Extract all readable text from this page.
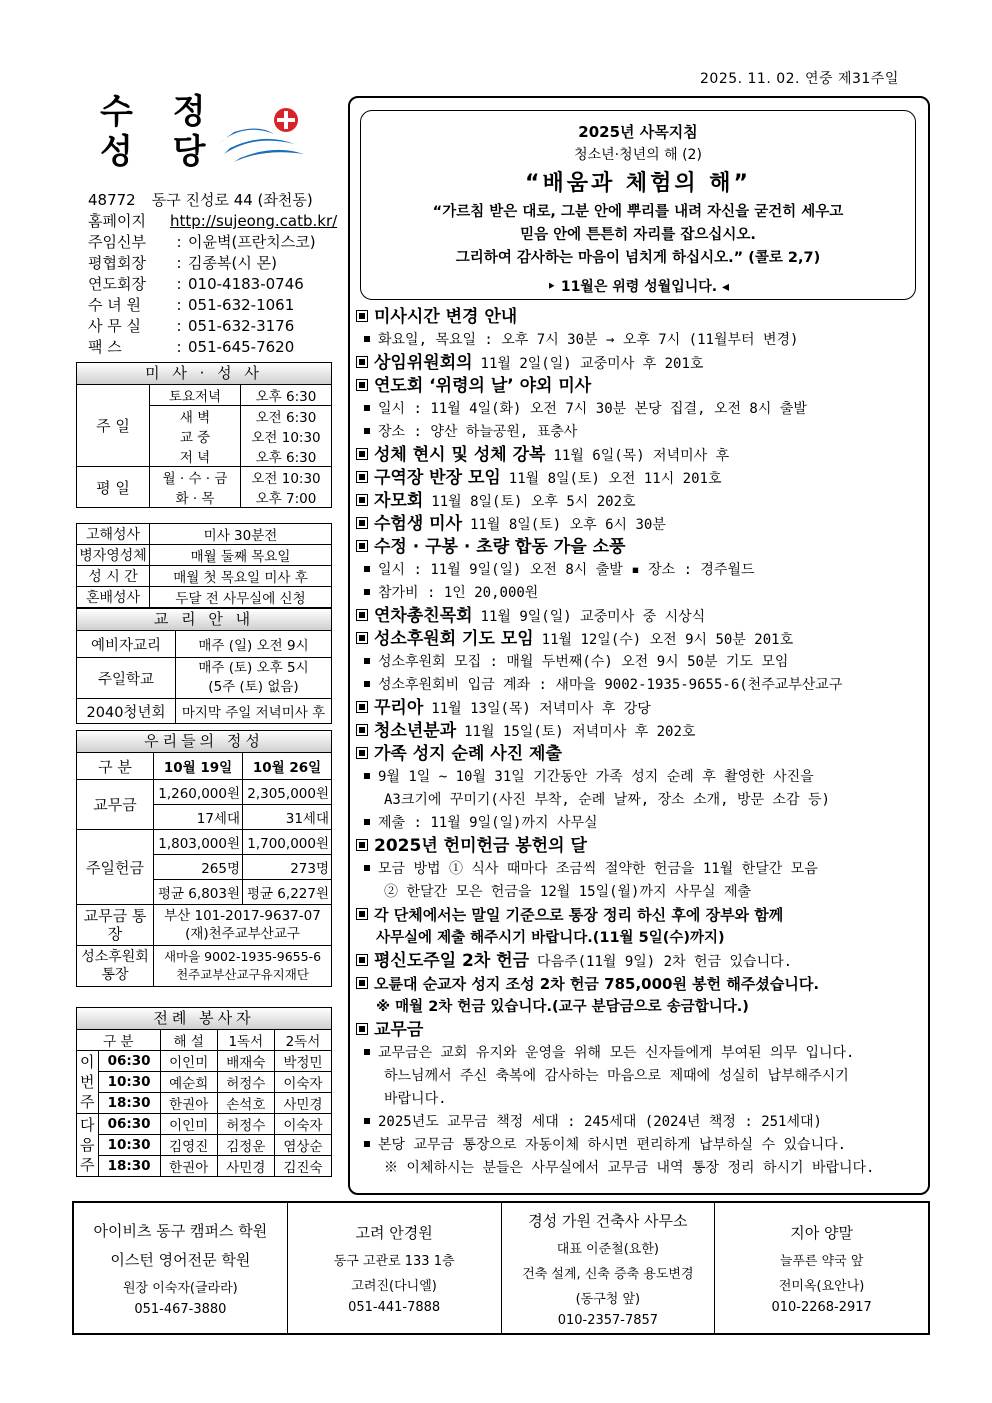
2025. 11. 02. 연중 제31주일
수 정
성 당
48772 동구 진성로 44 (좌천동)
홈페이지	http://sujeong.catb.kr/
주임신부	: 이윤벽(프란치스코)
평협회장	: 김종복(시 몬)
연도회장	: 010-4183-0746
수 녀 원	: 051-632-1061
사 무 실	: 051-632-3176
팩 스	: 051-645-7620
미 사 · 성 사
주 일	토요저녁	오후 6:30
	새 벽	오전 6:30
	교 중	오전 10:30
	저 녁	오후 6:30
평 일	월 · 수 · 금	오전 10:30
	화 · 목	오후 7:00
고해성사	미사 30분전
병자영성체	매월 둘째 목요일
성 시 간	매월 첫 목요일 미사 후
혼배성사	두달 전 사무실에 신청
교 리 안 내
예비자교리	매주 (일) 오전 9시
주일학교	매주 (토) 오후 5시
(5주 (토) 없음)

2040청년회	마지막 주일 저녁미사 후
우리들의 정성
구 분	10월 19일	10월 26일
교무금	1,260,000원	2,305,000원
	17세대	31세대
주일헌금	1,803,000원	1,700,000원
	265명	273명
	평균 6,803원	평균 6,227원
교무금 통장	부산 101-2017-9637-07
(재)천주교부산교구	

성소후원회 통장	새마을 9002-1935-9655-6
천주교부산교구유지재단	
전례 봉사자
구 분		해 설	1독서	2독서
이번주	06:30	이인미	배재숙	박정민
	10:30	예순희	허정수	이숙자
	18:30	한권아	손석호	사민경
다음주	06:30	이인미	허정수	이숙자
	10:30	김영진	김정운	염상순
	18:30	한권아	사민경	김진숙
2025년 사목지침
청소년·청년의 해 (2)
“배움과 체험의 해”
“가르침 받은 대로, 그분 안에 뿌리를 내려 자신을 굳건히 세우고
믿음 안에 튼튼히 자리를 잡으십시오.
그리하여 감사하는 마음이 넘치게 하십시오.” (콜로 2,7)
‣ 11월은 위령 성월입니다. ◂
미사시간 변경 안내
화요일, 목요일 : 오후 7시 30분 → 오후 7시 (11월부터 변경)
상임위원회의 11월 2일(일) 교중미사 후 201호
연도회 ‘위령의 날’ 야외 미사
일시 : 11월 4일(화) 오전 7시 30분 본당 집결, 오전 8시 출발
장소 : 양산 하늘공원, 표충사
성체 현시 및 성체 강복 11월 6일(목) 저녁미사 후
구역장 반장 모임 11월 8일(토) 오전 11시 201호
자모회 11월 8일(토) 오후 5시 202호
수험생 미사 11월 8일(토) 오후 6시 30분
수정 · 구봉 · 초량 합동 가을 소풍
일시 : 11월 9일(일) 오전 8시 출발 ▪ 장소 : 경주월드
참가비 : 1인 20,000원
연차총친목회 11월 9일(일) 교중미사 중 시상식
성소후원회 기도 모임 11월 12일(수) 오전 9시 50분 201호
성소후원회 모집 : 매월 두번째(수) 오전 9시 50분 기도 모임
성소후원회비 입금 계좌 : 새마을 9002-1935-9655-6(천주교부산교구
꾸리아 11월 13일(목) 저녁미사 후 강당
청소년분과 11월 15일(토) 저녁미사 후 202호
가족 성지 순례 사진 제출
9월 1일 ~ 10월 31일 기간동안 가족 성지 순례 후 촬영한 사진을
A3크기에 꾸미기(사진 부착, 순례 날짜, 장소 소개, 방문 소감 등)
제출 : 11월 9일(일)까지 사무실
2025년 헌미헌금 봉헌의 달
모금 방법 ① 식사 때마다 조금씩 절약한 헌금을 11월 한달간 모음
② 한달간 모은 헌금을 12월 15일(월)까지 사무실 제출
각 단체에서는 말일 기준으로 통장 정리 하신 후에 장부와 함께
사무실에 제출 해주시기 바랍니다.(11월 5일(수)까지)
평신도주일 2차 헌금 다음주(11월 9일) 2차 헌금 있습니다.
오륜대 순교자 성지 조성 2차 헌금 785,000원 봉헌 해주셨습니다.
※ 매월 2차 헌금 있습니다.(교구 분담금으로 송금합니다.)
교무금
교무금은 교회 유지와 운영을 위해 모든 신자들에게 부여된 의무 입니다.
하느님께서 주신 축복에 감사하는 마음으로 제때에 성실히 납부해주시기
바랍니다.
2025년도 교무금 책정 세대 : 245세대 (2024년 책정 : 251세대)
본당 교무금 통장으로 자동이체 하시면 편리하게 납부하실 수 있습니다.
※ 이체하시는 분들은 사무실에서 교무금 내역 통장 정리 하시기 바랍니다.
아이비츠 동구 캠퍼스 학원
이스턴 영어전문 학원
원장 이숙자(글라라)
051-467-3880
고려 안경원
동구 고관로 133 1층
고려진(다니엘)
051-441-7888
경성 가원 건축사 사무소
대표 이준철(요한)
건축 설계, 신축 증축 용도변경
(동구청 앞)
010-2357-7857
지아 양말
늘푸른 약국 앞
전미옥(요안나)
010-2268-2917
